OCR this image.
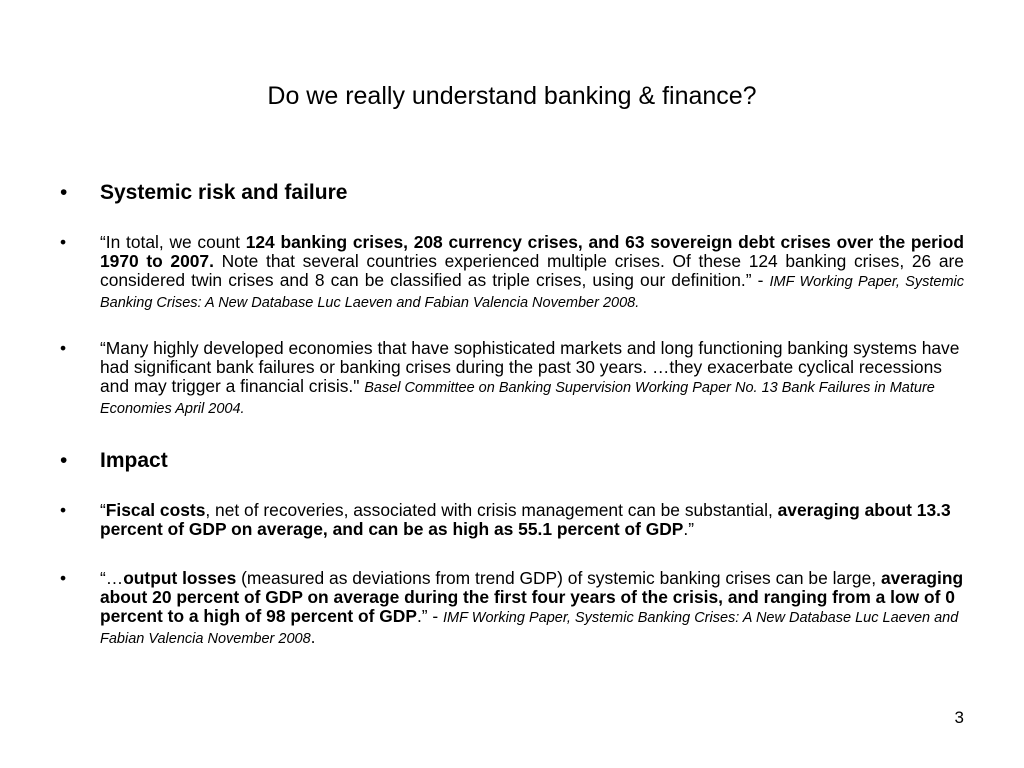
Do we really understand banking & finance?
• Systemic risk and failure
• “In total, we count 124 banking crises, 208 currency crises, and 63 sovereign debt crises over the period 1970 to 2007. Note that several countries experienced multiple crises. Of these 124 banking crises, 26 are considered twin crises and 8 can be classified as triple crises, using our definition.” - IMF Working Paper, Systemic Banking Crises: A New Database Luc Laeven and Fabian Valencia November 2008.
• “Many highly developed economies that have sophisticated markets and long functioning banking systems have had significant bank failures or banking crises during the past 30 years. …they exacerbate cyclical recessions and may trigger a financial crisis." Basel Committee on Banking Supervision Working Paper No. 13 Bank Failures in Mature Economies April 2004.
• Impact
• “Fiscal costs, net of recoveries, associated with crisis management can be substantial, averaging about 13.3 percent of GDP on average, and can be as high as 55.1 percent of GDP.”
• “…output losses (measured as deviations from trend GDP) of systemic banking crises can be large, averaging about 20 percent of GDP on average during the first four years of the crisis, and ranging from a low of 0 percent to a high of 98 percent of GDP.” - IMF Working Paper, Systemic Banking Crises: A New Database Luc Laeven and Fabian Valencia November 2008.
3
